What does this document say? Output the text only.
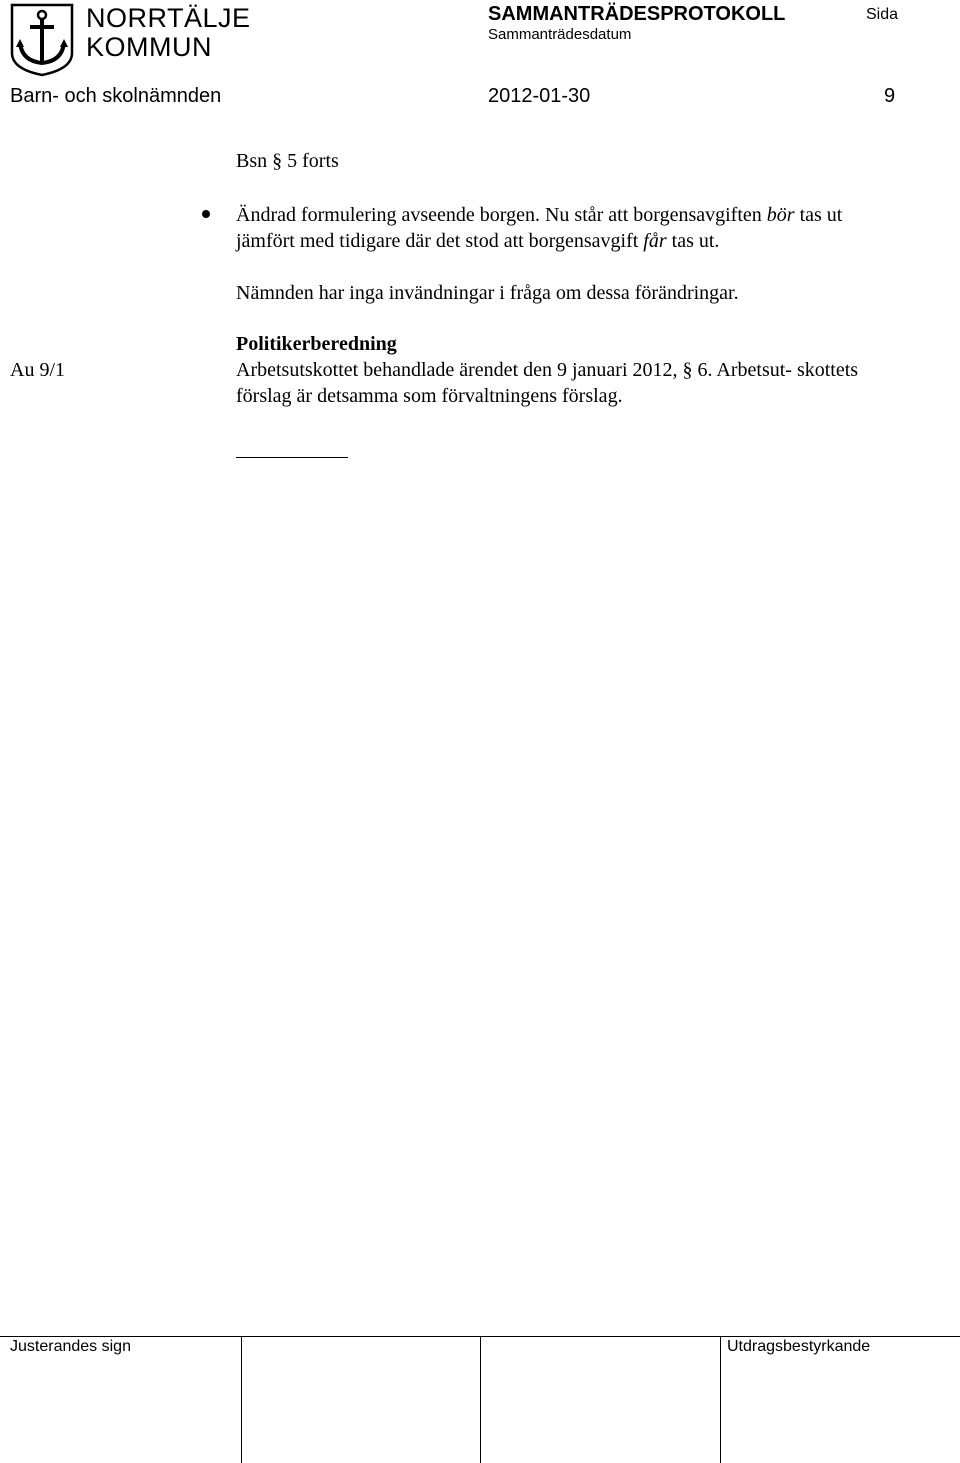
NORRTÄLJE
KOMMUN
SAMMANTRÄDESPROTOKOLL
Sammanträdesdatum
Sida
Barn- och skolnämnden	2012-01-30	9
Bsn § 5 forts
Ändrad formulering avseende borgen. Nu står att borgensavgiften bör tas ut jämfört med tidigare där det stod att borgensavgift får tas ut.
Nämnden har inga invändningar i fråga om dessa förändringar.
Politikerberedning
Au 9/1	Arbetsutskottet behandlade ärendet den 9 januari 2012, § 6. Arbetsut- skottets förslag är detsamma som förvaltningens förslag.
Justerandes sign	Utdragsbestyrkande
